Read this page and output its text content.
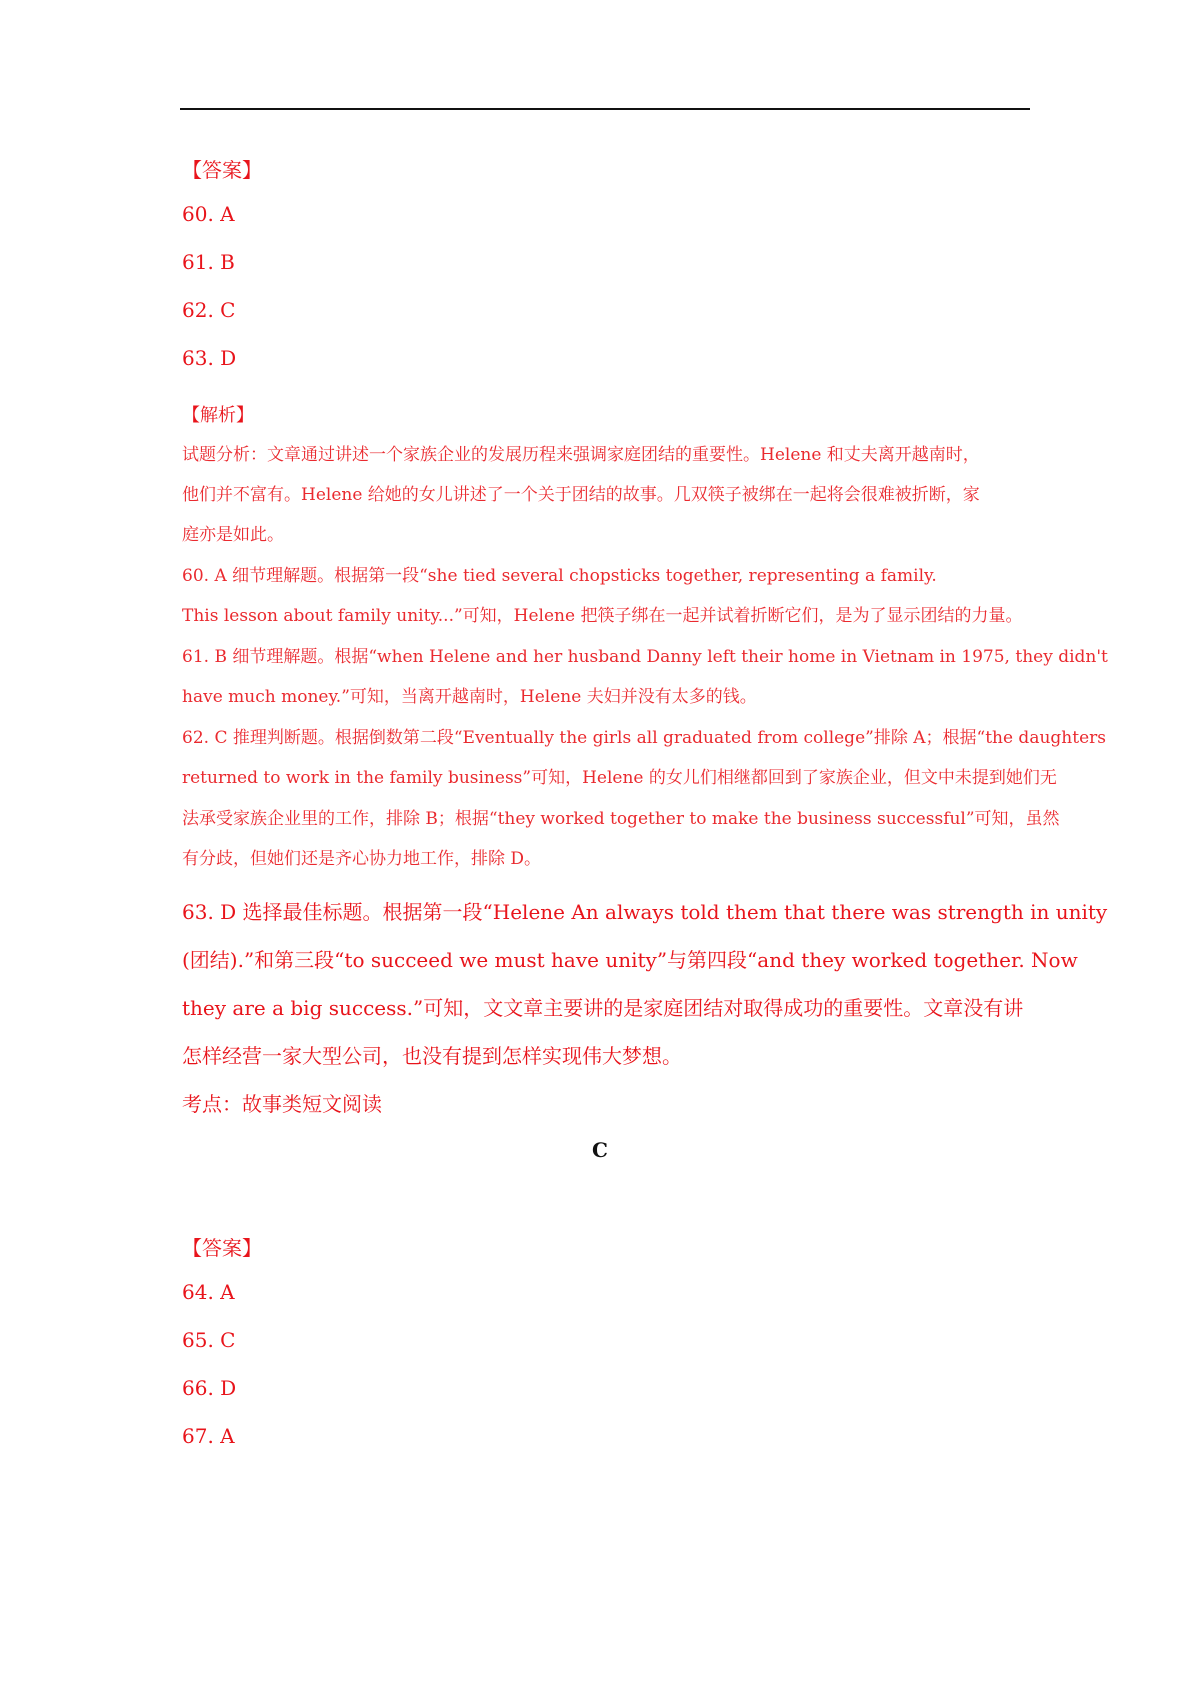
【答案】
60. A
61. B
62. C
63. D
【解析】
试题分析：文章通过讲述一个家族企业的发展历程来强调家庭团结的重要性。Helene 和丈夫离开越南时，
他们并不富有。Helene 给她的女儿讲述了一个关于团结的故事。几双筷子被绑在一起将会很难被折断，家
庭亦是如此。
60. A 细节理解题。根据第一段“she tied several chopsticks together, representing a family.
This lesson about family unity...”可知，Helene 把筷子绑在一起并试着折断它们，是为了显示团结的力量。
61. B 细节理解题。根据“when Helene and her husband Danny left their home in Vietnam in 1975, they didn't
have much money.”可知，当离开越南时，Helene 夫妇并没有太多的钱。
62. C 推理判断题。根据倒数第二段“Eventually the girls all graduated from college”排除 A；根据“the daughters
returned to work in the family business”可知，Helene 的女儿们相继都回到了家族企业，但文中未提到她们无
法承受家族企业里的工作，排除 B；根据“they worked together to make the business successful”可知，虽然
有分歧，但她们还是齐心协力地工作，排除 D。
63. D 选择最佳标题。根据第一段“Helene An always told them that there was strength in unity
(团结).”和第三段“to succeed we must have unity”与第四段“and they worked together. Now
they are a big success.”可知，文文章主要讲的是家庭团结对取得成功的重要性。文章没有讲
怎样经营一家大型公司，也没有提到怎样实现伟大梦想。
考点：故事类短文阅读
C
【答案】
64. A
65. C
66. D
67. A
